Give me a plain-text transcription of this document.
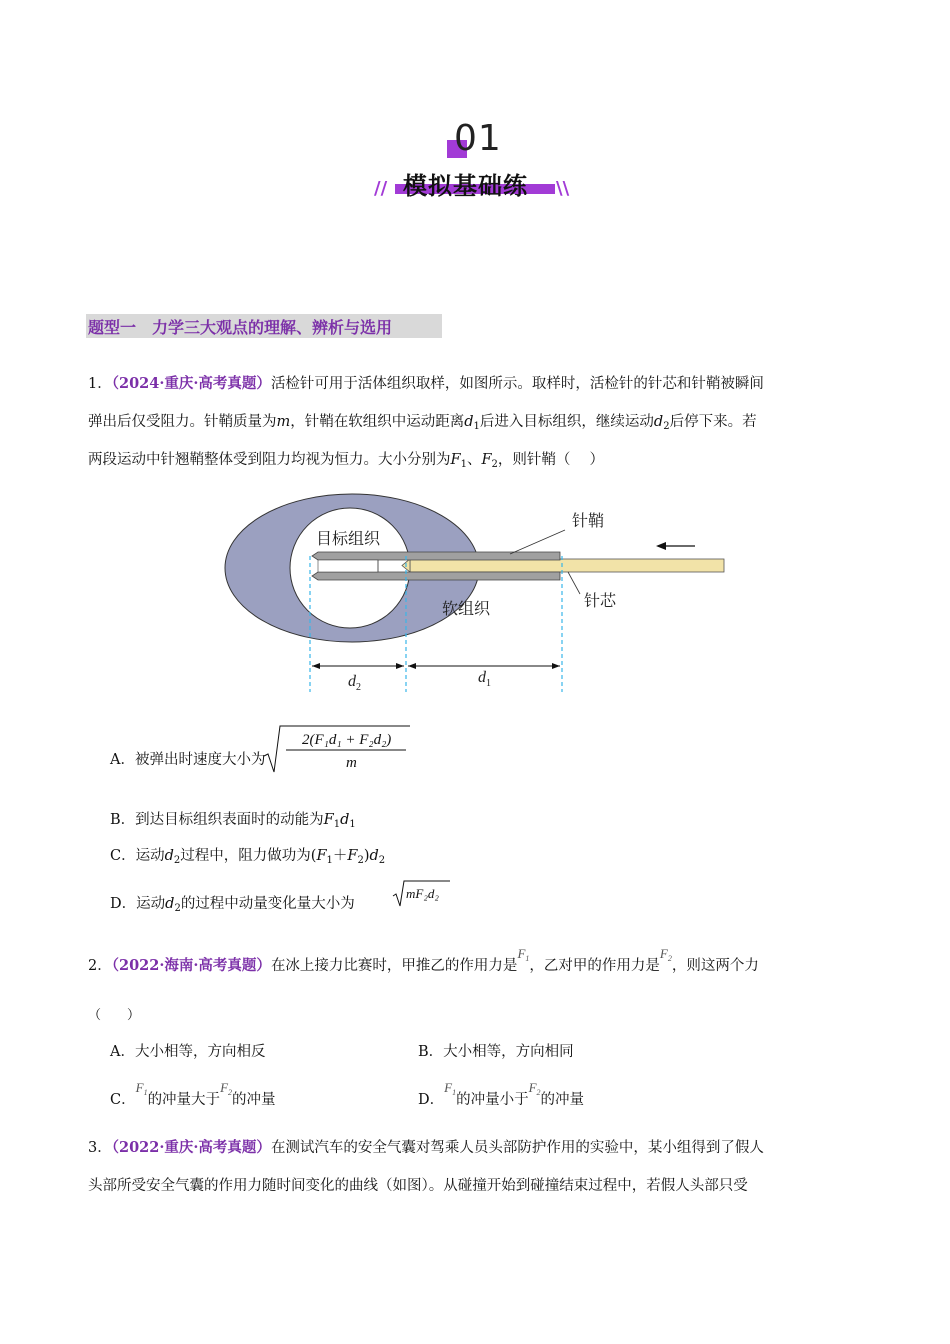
01
//	\\
模拟基础练
题型一　力学三大观点的理解、辨析与选用
1．（2024·重庆·高考真题）活检针可用于活体组织取样，如图所示。取样时，活检针的针芯和针鞘被瞬间
弹出后仅受阻力。针鞘质量为m，针鞘在软组织中运动距离$d_1$后进入目标组织，继续运动$d_2$后停下来。若
两段运动中针翘鞘整体受到阻力均视为恒力。大小分别为$F_1$、$F_2$，则针鞘（　 ）
目标组织
软组织
针鞘
针芯
$d_2$
$d_1$
A．被弹出时速度大小为
2(F₁d₁ + F₂d₂)
m
B．到达目标组织表面时的动能为$F_1d_1$
C．运动$d_2$过程中，阻力做功为$(F_1+F_2)d_2$
D．运动$d_2$的过程中动量变化量大小为
mF₂d₂
2．（2022·海南·高考真题）在冰上接力比赛时，甲推乙的作用力是$F_1$，乙对甲的作用力是$F_2$，则这两个力
（　　）
A．大小相等，方向相反	B．大小相等，方向相同
C．$F_1$的冲量大于$F_2$的冲量	D．$F_1$的冲量小于$F_2$的冲量
3．（2022·重庆·高考真题）在测试汽车的安全气囊对驾乘人员头部防护作用的实验中，某小组得到了假人
头部所受安全气囊的作用力随时间变化的曲线（如图）。从碰撞开始到碰撞结束过程中，若假人头部只受
